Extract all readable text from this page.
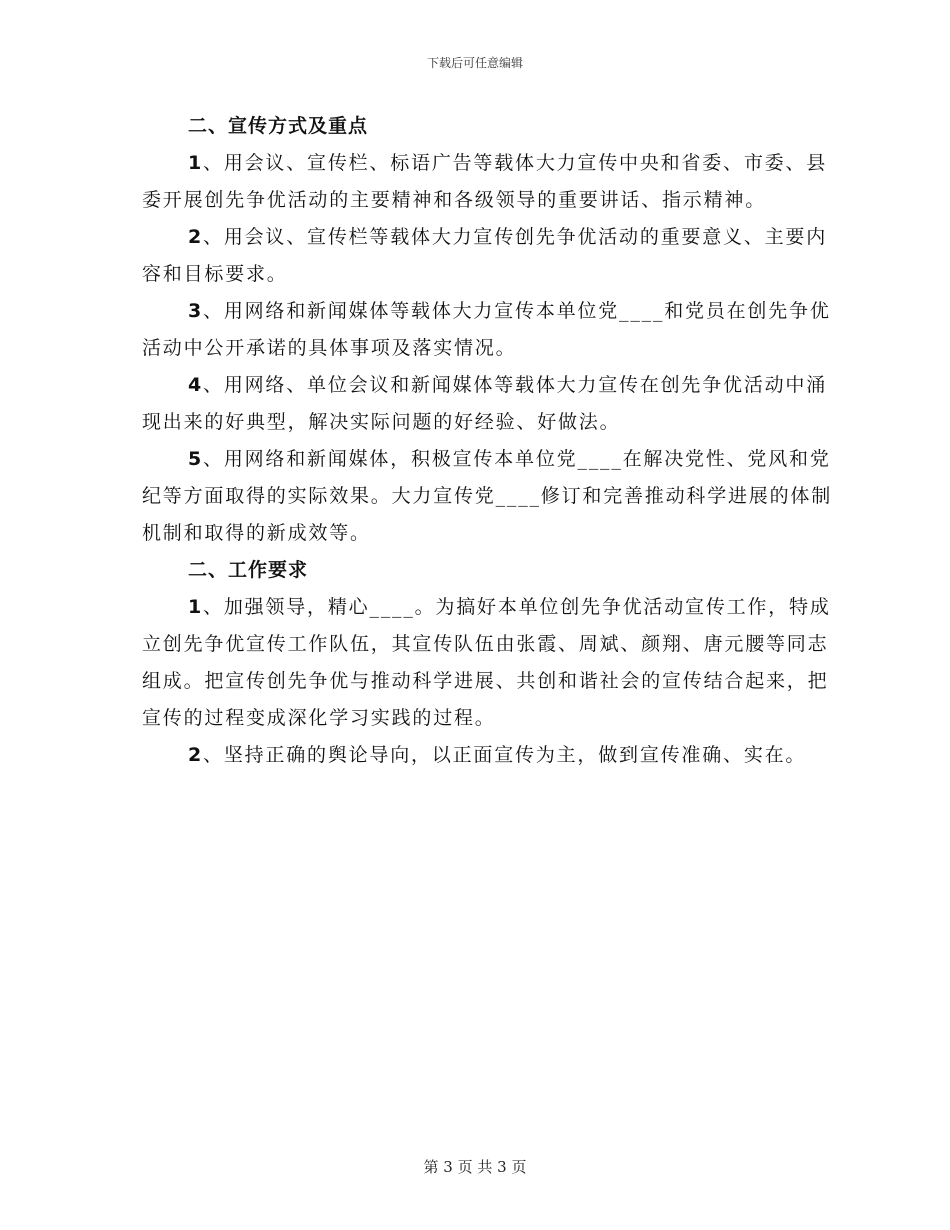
下载后可任意编辑
二、宣传方式及重点

1、用会议、宣传栏、标语广告等载体大力宣传中央和省委、市委、县委开展创先争优活动的主要精神和各级领导的重要讲话、指示精神。

2、用会议、宣传栏等载体大力宣传创先争优活动的重要意义、主要内容和目标要求。

3、用网络和新闻媒体等载体大力宣传本单位党____和党员在创先争优活动中公开承诺的具体事项及落实情况。

4、用网络、单位会议和新闻媒体等载体大力宣传在创先争优活动中涌现出来的好典型，解决实际问题的好经验、好做法。

5、用网络和新闻媒体，积极宣传本单位党____在解决党性、党风和党纪等方面取得的实际效果。大力宣传党____修订和完善推动科学进展的体制机制和取得的新成效等。

二、工作要求

1、加强领导，精心____。为搞好本单位创先争优活动宣传工作，特成立创先争优宣传工作队伍，其宣传队伍由张霞、周斌、颜翔、唐元腰等同志组成。把宣传创先争优与推动科学进展、共创和谐社会的宣传结合起来，把宣传的过程变成深化学习实践的过程。

2、坚持正确的舆论导向，以正面宣传为主，做到宣传准确、实在。

第 3 页 共 3 页
